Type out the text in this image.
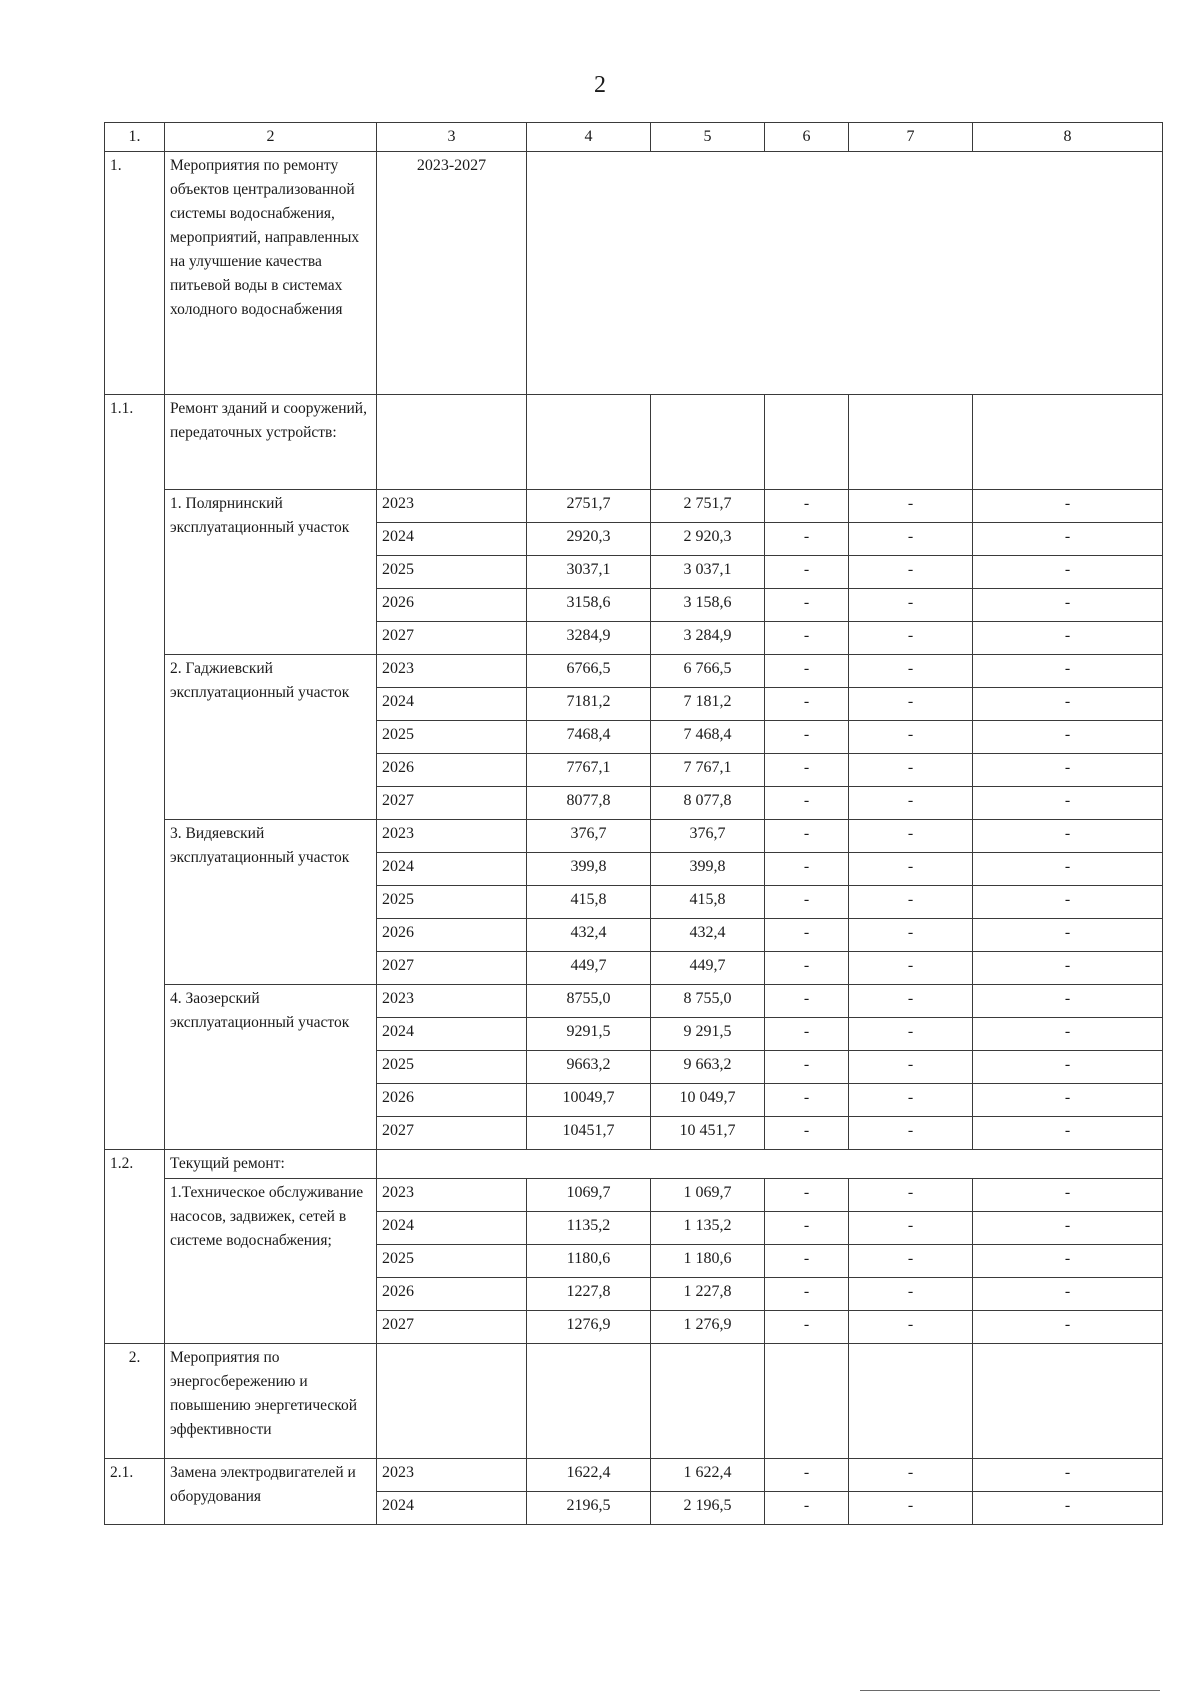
2
1.	2	3	4	5	6	7	8
1.	Мероприятия по ремонту объектов централизованной системы водоснабжения, мероприятий, направленных на улучшение качества питьевой воды в системах холодного водоснабжения	2023-2027					
1.1.	Ремонт зданий и сооружений, передаточных устройств:						
	1. Полярнинский эксплуатационный участок	2023	2751,7	2 751,7	-	-	-
		2024	2920,3	2 920,3	-	-	-
		2025	3037,1	3 037,1	-	-	-
		2026	3158,6	3 158,6	-	-	-
		2027	3284,9	3 284,9	-	-	-
	2. Гаджиевский эксплуатационный участок	2023	6766,5	6 766,5	-	-	-
		2024	7181,2	7 181,2	-	-	-
		2025	7468,4	7 468,4	-	-	-
		2026	7767,1	7 767,1	-	-	-
		2027	8077,8	8 077,8	-	-	-
	3. Видяевский эксплуатационный участок	2023	376,7	376,7	-	-	-
		2024	399,8	399,8	-	-	-
		2025	415,8	415,8	-	-	-
		2026	432,4	432,4	-	-	-
		2027	449,7	449,7	-	-	-
	4. Заозерский эксплуатационный участок	2023	8755,0	8 755,0	-	-	-
		2024	9291,5	9 291,5	-	-	-
		2025	9663,2	9 663,2	-	-	-
		2026	10049,7	10 049,7	-	-	-
		2027	10451,7	10 451,7	-	-	-
1.2.	Текущий ремонт:						
	1.Техническое обслуживание насосов, задвижек, сетей в системе водоснабжения;	2023	1069,7	1 069,7	-	-	-
		2024	1135,2	1 135,2	-	-	-
		2025	1180,6	1 180,6	-	-	-
		2026	1227,8	1 227,8	-	-	-
		2027	1276,9	1 276,9	-	-	-
2.	Мероприятия по энергосбережению и повышению энергетической эффективности						
2.1.	Замена электродвигателей и оборудования	2023	1622,4	1 622,4	-	-	-
		2024	2196,5	2 196,5	-	-	-
